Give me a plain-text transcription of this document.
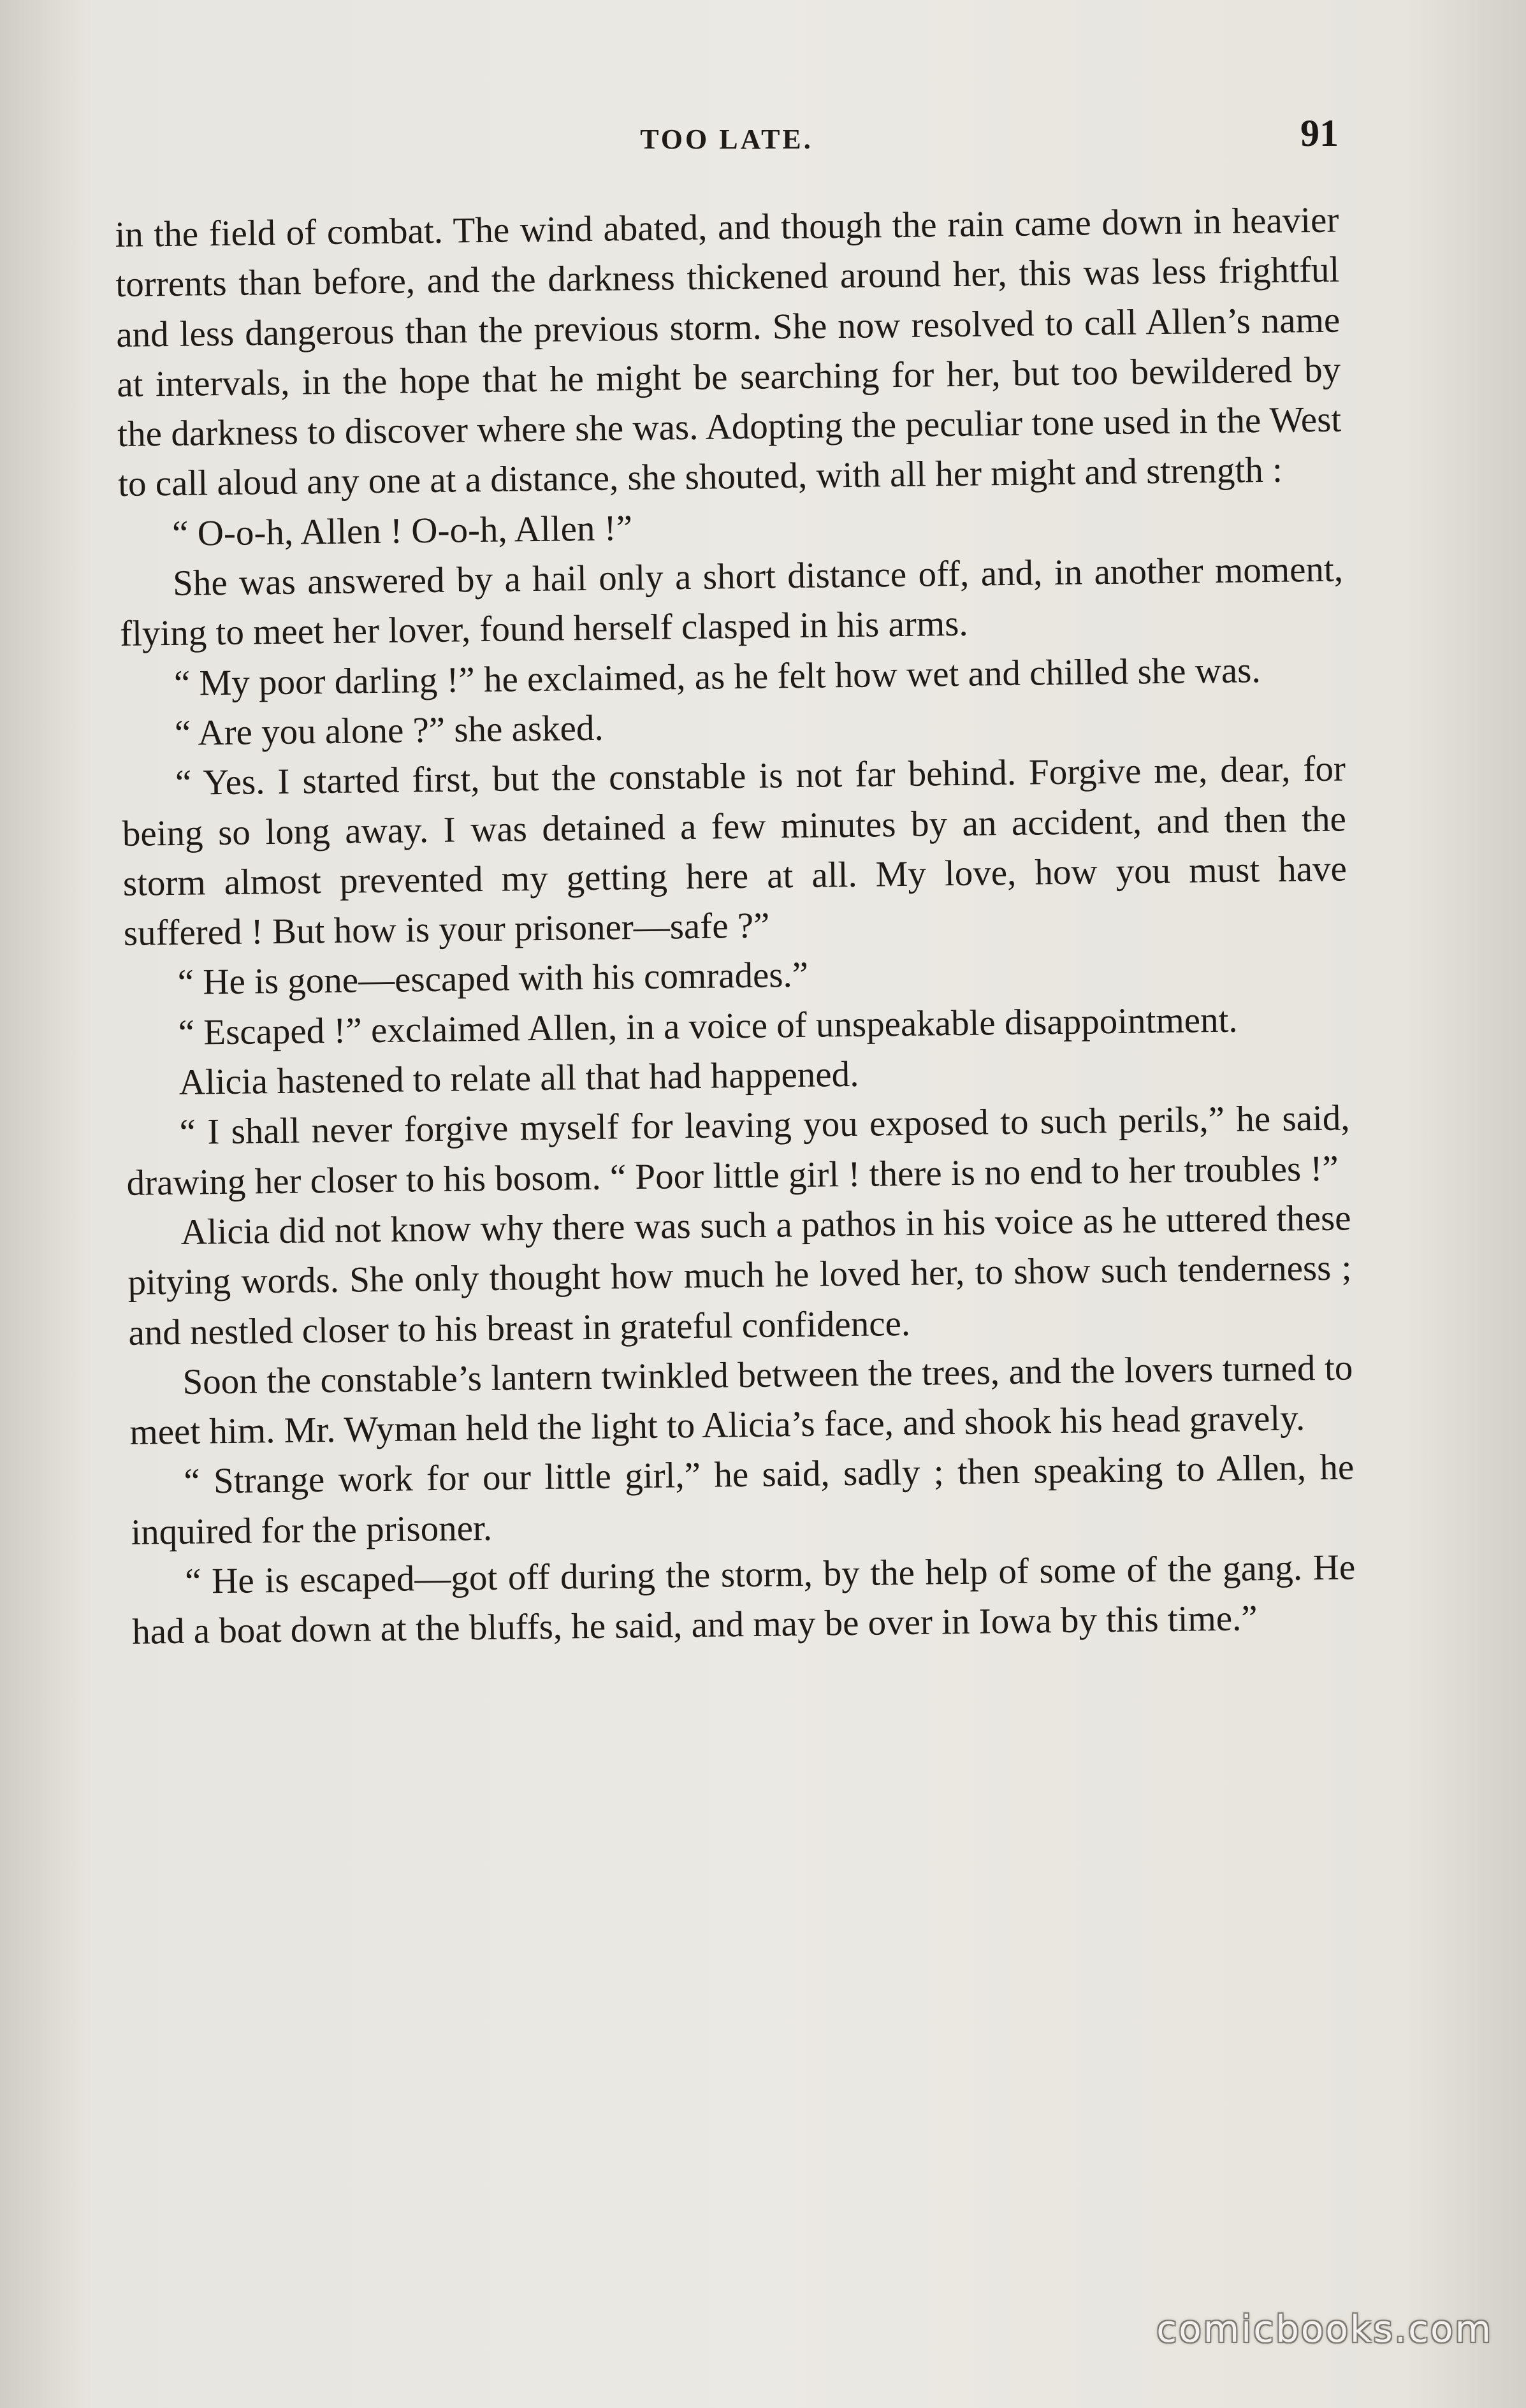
TOO LATE.	91

in the field of combat. The wind abated, and though the rain came down in heavier torrents than before, and the darkness thickened around her, this was less frightful and less dangerous than the previous storm. She now resolved to call Allen’s name at intervals, in the hope that he might be searching for her, but too bewildered by the darkness to discover where she was. Adopting the peculiar tone used in the West to call aloud any one at a distance, she shouted, with all her might and strength :

“ O-o-h, Allen ! O-o-h, Allen !”

She was answered by a hail only a short distance off, and, in another moment, flying to meet her lover, found herself clasped in his arms.

“ My poor darling !” he exclaimed, as he felt how wet and chilled she was.

“ Are you alone ?” she asked.

“ Yes. I started first, but the constable is not far behind. Forgive me, dear, for being so long away. I was detained a few minutes by an accident, and then the storm almost prevented my getting here at all. My love, how you must have suffered ! But how is your prisoner—safe ?”

“ He is gone—escaped with his comrades.”

“ Escaped !” exclaimed Allen, in a voice of unspeakable disappointment.

Alicia hastened to relate all that had happened.

“ I shall never forgive myself for leaving you exposed to such perils,” he said, drawing her closer to his bosom. “ Poor little girl ! there is no end to her troubles !”

Alicia did not know why there was such a pathos in his voice as he uttered these pitying words. She only thought how much he loved her, to show such tenderness ; and nestled closer to his breast in grateful confidence.

Soon the constable’s lantern twinkled between the trees, and the lovers turned to meet him. Mr. Wyman held the light to Alicia’s face, and shook his head gravely.

“ Strange work for our little girl,” he said, sadly ; then speaking to Allen, he inquired for the prisoner.

“ He is escaped—got off during the storm, by the help of some of the gang. He had a boat down at the bluffs, he said, and may be over in Iowa by this time.”

comicbooks.com
